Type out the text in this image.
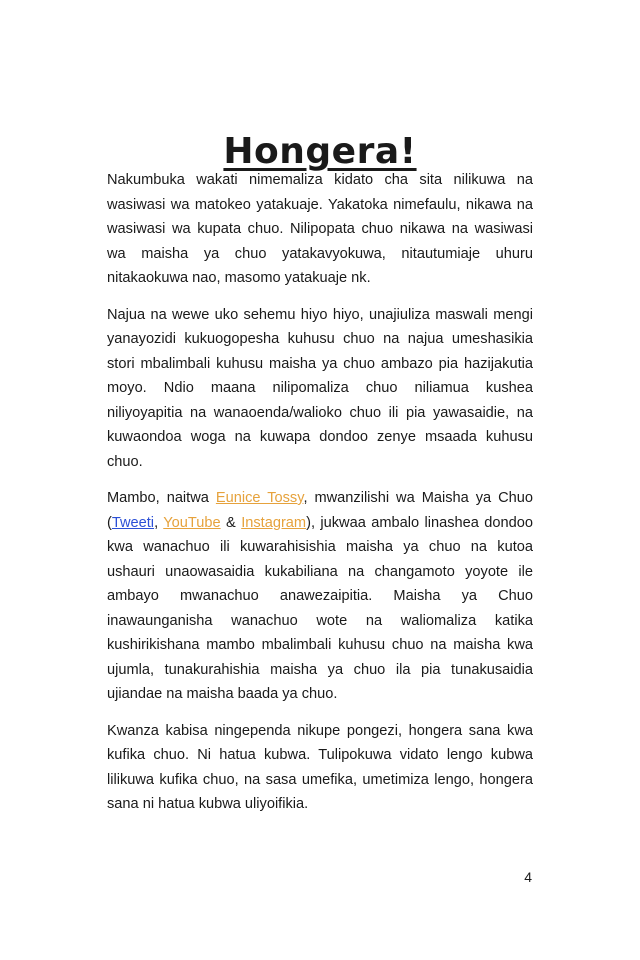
Hongera!

Nakumbuka wakati nimemaliza kidato cha sita nilikuwa na wasiwasi wa matokeo yatakuaje. Yakatoka nimefaulu, nikawa na wasiwasi wa kupata chuo. Nilipopata chuo nikawa na wasiwasi wa maisha ya chuo yatakavyokuwa, nitautumiaje uhuru nitakaokuwa nao, masomo yatakuaje nk.

Najua na wewe uko sehemu hiyo hiyo, unajiuliza maswali mengi yanayozidi kukuogopesha kuhusu chuo na najua umeshasikia stori mbalimbali kuhusu maisha ya chuo ambazo pia hazijakutia moyo. Ndio maana nilipomaliza chuo niliamua kushea niliyoyapitia na wanaoenda/walioko chuo ili pia yawasaidie, na kuwaondoa woga na kuwapa dondoo zenye msaada kuhusu chuo.

Mambo, naitwa Eunice Tossy, mwanzilishi wa Maisha ya Chuo (Tweeti, YouTube & Instagram), jukwaa ambalo linashea dondoo kwa wanachuo ili kuwarahisishia maisha ya chuo na kutoa ushauri unaowasaidia kukabiliana na changamoto yoyote ile ambayo mwanachuo anawezaipitia. Maisha ya Chuo inawaunganisha wanachuo wote na waliomaliza katika kushirikishana mambo mbalimbali kuhusu chuo na maisha kwa ujumla, tunakurahishia maisha ya chuo ila pia tunakusaidia ujiandae na maisha baada ya chuo.

Kwanza kabisa ningependa nikupe pongezi, hongera sana kwa kufika chuo. Ni hatua kubwa. Tulipokuwa vidato lengo kubwa lilikuwa kufika chuo, na sasa umefika, umetimiza lengo, hongera sana ni hatua kubwa uliyoifikia.

4
